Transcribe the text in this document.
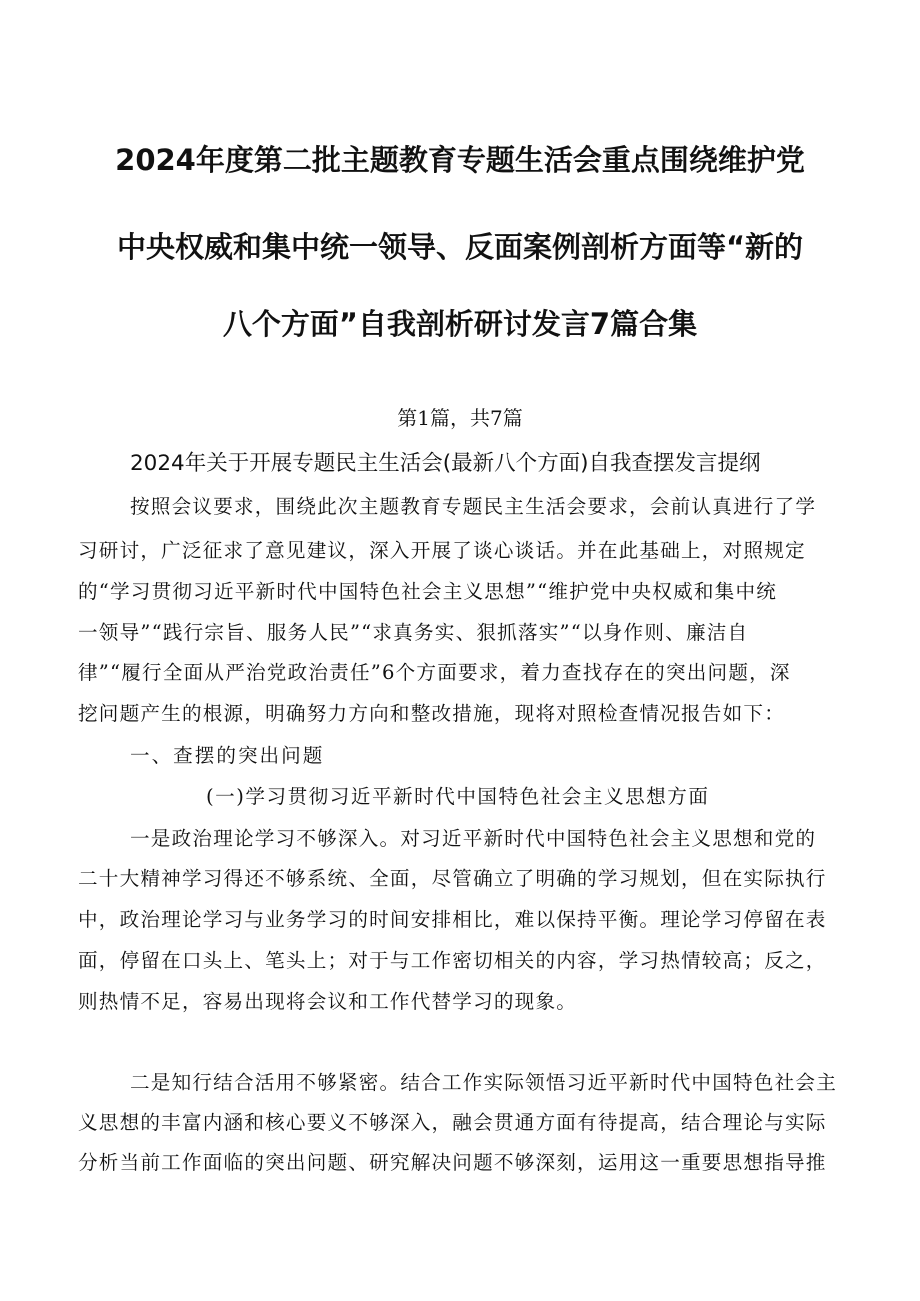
2024年度第二批主题教育专题生活会重点围绕维护党
中央权威和集中统一领导、反面案例剖析方面等“新的
八个方面”自我剖析研讨发言7篇合集
第1篇，共7篇
2024年关于开展专题民主生活会(最新八个方面)自我查摆发言提纲
按照会议要求，围绕此次主题教育专题民主生活会要求，会前认真进行了学
习研讨，广泛征求了意见建议，深入开展了谈心谈话。并在此基础上，对照规定
的“学习贯彻习近平新时代中国特色社会主义思想”“维护党中央权威和集中统
一领导”“践行宗旨、服务人民”“求真务实、狠抓落实”“以身作则、廉洁自
律”“履行全面从严治党政治责任”6个方面要求，着力查找存在的突出问题，深
挖问题产生的根源，明确努力方向和整改措施，现将对照检查情况报告如下：
一、查摆的突出问题
(一)学习贯彻习近平新时代中国特色社会主义思想方面
一是政治理论学习不够深入。对习近平新时代中国特色社会主义思想和党的
二十大精神学习得还不够系统、全面，尽管确立了明确的学习规划，但在实际执行
中，政治理论学习与业务学习的时间安排相比，难以保持平衡。理论学习停留在表
面，停留在口头上、笔头上；对于与工作密切相关的内容，学习热情较高；反之，
则热情不足，容易出现将会议和工作代替学习的现象。
二是知行结合活用不够紧密。结合工作实际领悟习近平新时代中国特色社会主
义思想的丰富内涵和核心要义不够深入，融会贯通方面有待提高，结合理论与实际
分析当前工作面临的突出问题、研究解决问题不够深刻，运用这一重要思想指导推
